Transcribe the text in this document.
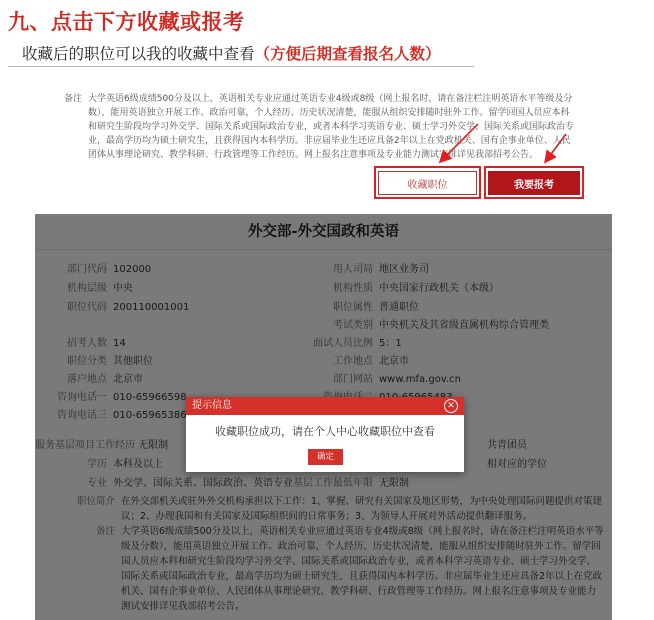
九、点击下方收藏或报考
收藏后的职位可以我的收藏中查看（方便后期查看报名人数）
备注 大学英语6级成绩500分及以上，英语相关专业应通过英语专业4级或8级（网上报名时，请在备注栏注明英语水平等级及分数），能用英语独立开展工作。政治可靠，个人经历、历史状况清楚，能服从组织安排随时驻外工作。留学回国人员应本科和研究生阶段均学习外交学、国际关系或国际政治专业，或者本科学习英语专业、硕士学习外交学、国际关系或国际政治专业，最高学历均为硕士研究生，且获得国内本科学历。非应届毕业生还应具备2年以上在党政机关、国有企事业单位、人民团体从事理论研究、教学科研、行政管理等工作经历。网上报名注意事项及专业能力测试安排详见我部招考公告。
收藏职位	我要报考
提示信息	✕
收藏职位成功，请在个人中心收藏职位中查看
确定
